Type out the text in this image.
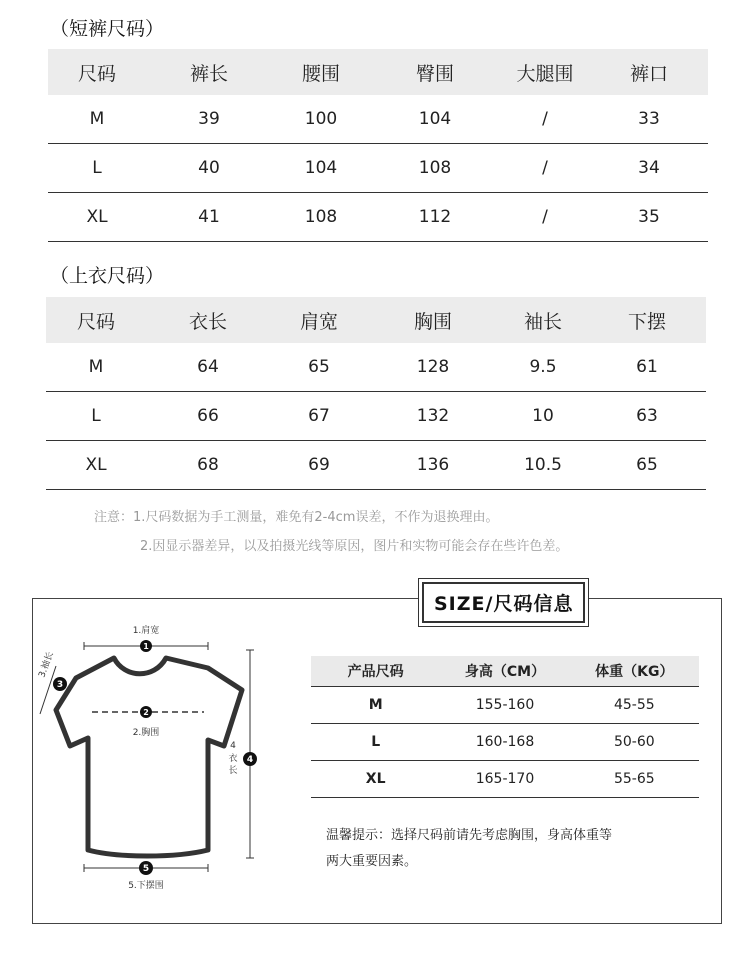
（短裤尺码）
尺码	裤长	腰围	臀围	大腿围	裤口
M	39	100	104	/	33
L	40	104	108	/	34
XL	41	108	112	/	35
（上衣尺码）
尺码	衣长	肩宽	胸围	袖长	下摆
M	64	65	128	9.5	61
L	66	67	132	10	63
XL	68	69	136	10.5	65
注意：1.尺码数据为手工测量，难免有2-4cm误差，不作为退换理由。
2.因显示器差异，以及拍摄光线等原因，图片和实物可能会存在些许色差。
SIZE/尺码信息
1.肩宽
1
3.袖长
3
2
2.胸围
4
衣
长
4
5
5.下摆围
产品尺码	身高（CM）	体重（KG）
M	155-160	45-55
L	160-168	50-60
XL	165-170	55-65
温馨提示：选择尺码前请先考虑胸围，身高体重等
两大重要因素。
